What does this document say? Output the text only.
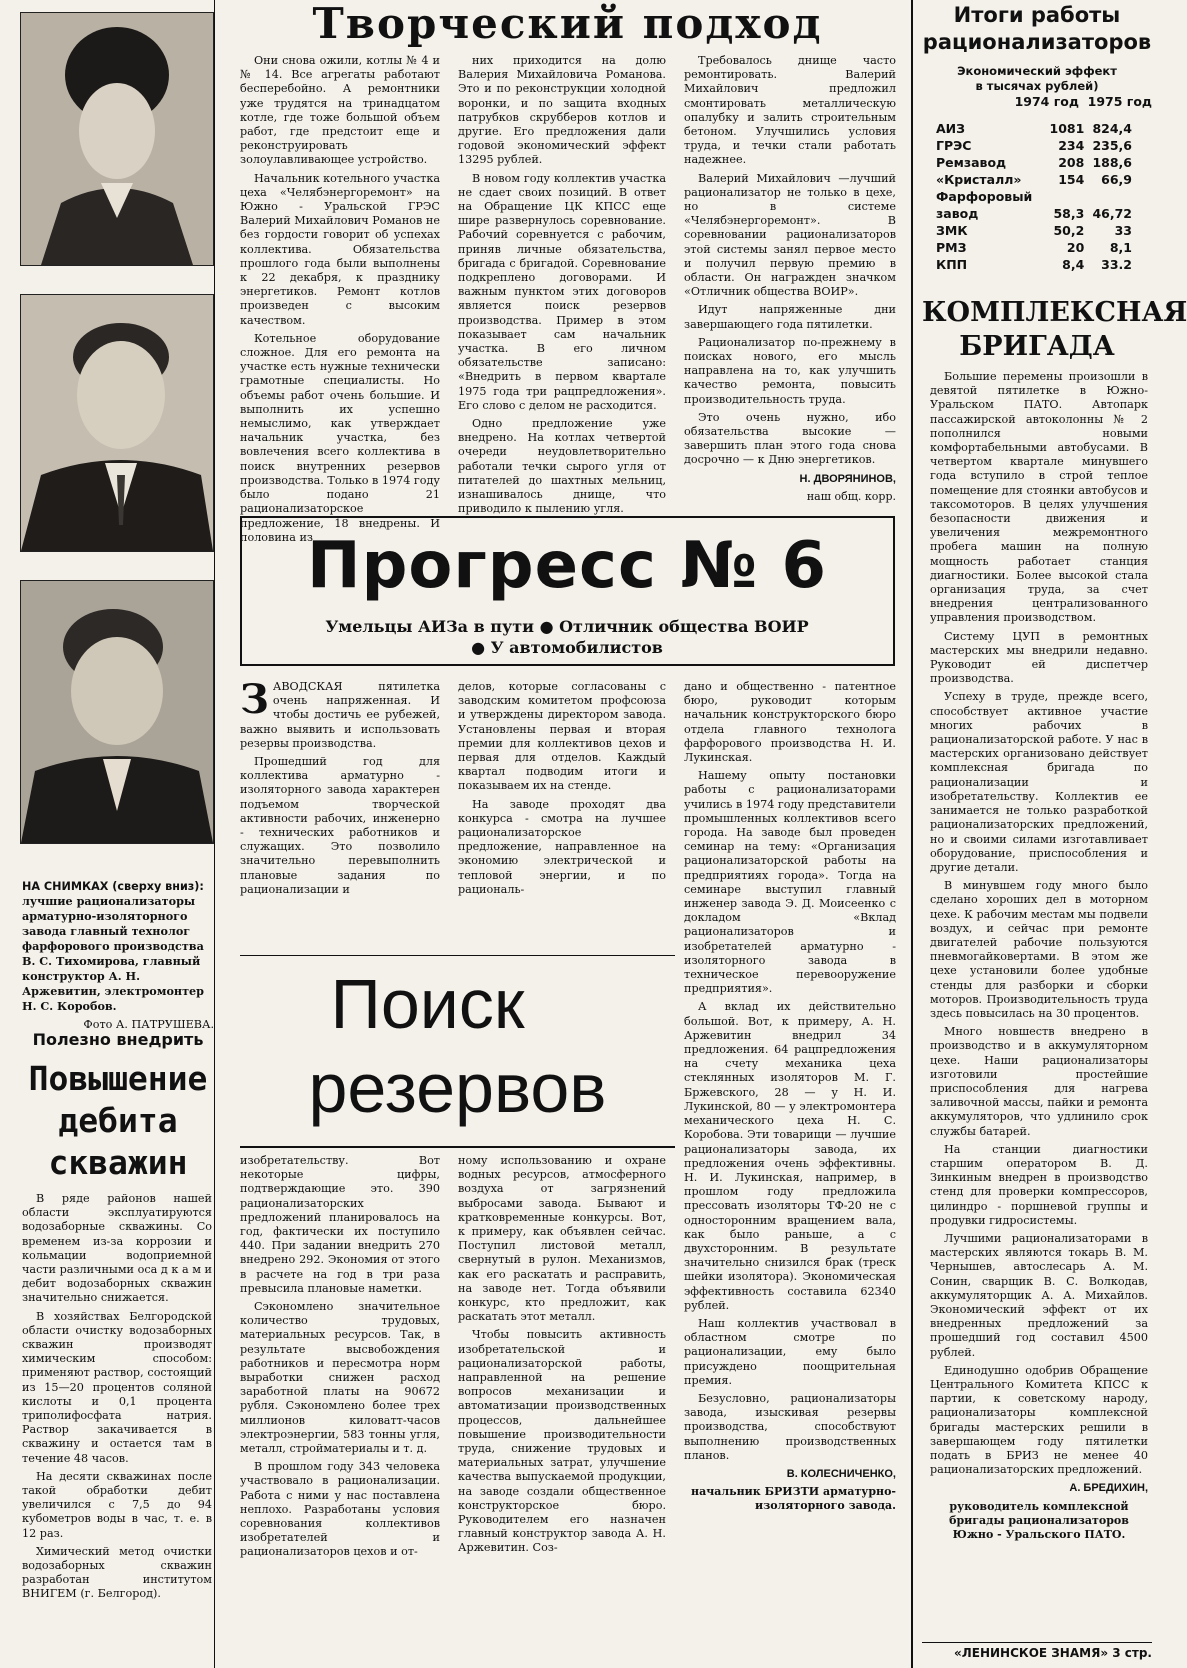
НА СНИМКАХ (сверху вниз): лучшие рационализаторы арматурно-изоляторного завода главный технолог фарфорового производства В. С. Тихомирова, главный конструктор А. Н. Аржевитин, электромонтер Н. С. Коробов.
Фото А. ПАТРУШЕВА.
Полезно внедрить
Повышение
дебита
скважин

В ряде районов нашей области эксплуатируются водозаборные скважины. Со временем из-за коррозии и кольмации водоприемной части различными оса д к а м и дебит водозаборных скважин значительно снижается.

В хозяйствах Белгородской области очистку водозаборных скважин производят химическим способом: применяют раствор, состоящий из 15—20 процентов соляной кислоты и 0,1 процента триполифосфата натрия. Раствор закачивается в скважину и остается там в течение 48 часов.

На десяти скважинах после такой обработки дебит увеличился с 7,5 до 94 кубометров воды в час, т. е. в 12 раз.

Химический метод очистки водозаборных скважин разработан институтом ВНИГЕМ (г. Белгород).

Творческий подход

Они снова ожили, котлы № 4 и № 14. Все агрегаты работают бесперебойно. А ремонтники уже трудятся на тринадцатом котле, где тоже большой объем работ, где предстоит еще и реконструировать золоулавливающее устройство.

Начальник котельного участка цеха «Челябэнергоремонт» на Южно - Уральской ГРЭС Валерий Михайлович Романов не без гордости говорит об успехах коллектива. Обязательства прошлого года были выполнены к 22 декабря, к празднику энергетиков. Ремонт котлов произведен с высоким качеством.

Котельное оборудование сложное. Для его ремонта на участке есть нужные технически грамотные специалисты. Но объемы работ очень большие. И выполнить их успешно немыслимо, как утверждает начальник участка, без вовлечения всего коллектива в поиск внутренних резервов производства. Только в 1974 году было подано 21 рационализаторское предложение, 18 внедрены. И половина из

них приходится на долю Валерия Михайловича Романова. Это и по реконструкции холодной воронки, и по защита входных патрубков скрубберов котлов и другие. Его предложения дали годовой экономический эффект 13295 рублей.

В новом году коллектив участка не сдает своих позиций. В ответ на Обращение ЦК КПСС еще шире развернулось соревнование. Рабочий соревнуется с рабочим, приняв личные обязательства, бригада с бригадой. Соревнование подкреплено договорами. И важным пунктом этих договоров является поиск резервов производства. Пример в этом показывает сам начальник участка. В его личном обязательстве записано: «Внедрить в первом квартале 1975 года три рацпредложения». Его слово с делом не расходится.

Одно предложение уже внедрено. На котлах четвертой очереди неудовлетворительно работали течки сырого угля от питателей до шахтных мельниц, изнашивалось днище, что приводило к пылению угля.

Требовалось днище часто ремонтировать. Валерий Михайлович предложил смонтировать металлическую опалубку и залить строительным бетоном. Улучшились условия труда, и течки стали работать надежнее.

Валерий Михайлович —лучший рационализатор не только в цехе, но в системе «Челябэнергоремонт». В соревновании рационализаторов этой системы занял первое место и получил первую премию в области. Он награжден значком «Отличник общества ВОИР».

Идут напряженные дни завершающего года пятилетки.

Рационализатор по-прежнему в поисках нового, его мысль направлена на то, как улучшить качество ремонта, повысить производительность труда.

Это очень нужно, ибо обязательства высокие — завершить план этого года снова досрочно — к Дню энергетиков.

Н. ДВОРЯНИНОВ,

наш общ. корр.

Прогресс № 6
Умельцы АИЗа в пути ● Отличник общества ВОИР
● У автомобилистов

ЗАВОДСКАЯ пятилетка очень напряженная. И чтобы достичь ее рубежей, важно выявить и использовать резервы производства.

Прошедший год для коллектива арматурно - изоляторного завода характерен подъемом творческой активности рабочих, инженерно - технических работников и служащих. Это позволило значительно перевыполнить плановые задания по рационализации и

делов, которые согласованы с заводским комитетом профсоюза и утверждены директором завода. Установлены первая и вторая премии для коллективов цехов и первая для отделов. Каждый квартал подводим итоги и показываем их на стенде.

На заводе проходят два конкурса - смотра на лучшее рационализаторское предложение, направленное на экономию электрической и тепловой энергии, и по рациональ-

дано и общественно - патентное бюро, руководит которым начальник конструкторского бюро отдела главного технолога фарфорового производства Н. И. Лукинская.

Нашему опыту постановки работы с рационализаторами учились в 1974 году представители промышленных коллективов всего города. На заводе был проведен семинар на тему: «Организация рационализаторской работы на предприятиях города». Тогда на семинаре выступил главный инженер завода Э. Д. Моисеенко с докладом «Вклад рационализаторов и изобретателей арматурно - изоляторного завода в техническое перевооружение предприятия».

А вклад их действительно большой. Вот, к примеру, А. Н. Аржевитин внедрил 34 предложения. 64 рацпредложения на счету механика цеха стеклянных изоляторов М. Г. Бржевского, 28 — у Н. И. Лукинской, 80 — у электромонтера механического цеха Н. С. Коробова. Эти товарищи — лучшие рационализаторы завода, их предложения очень эффективны. Н. И. Лукинская, например, в прошлом году предложила прессовать изоляторы ТФ-20 не с односторонним вращением вала, как было раньше, а с двухсторонним. В результате значительно снизился брак (треск шейки изолятора). Экономическая эффективность составила 62340 рублей.

Наш коллектив участвовал в областном смотре по рационализации, ему было присуждено поощрительная премия.

Безусловно, рационализаторы завода, изыскивая резервы производства, способствуют выполнению производственных планов.

В. КОЛЕСНИЧЕНКО,

начальник БРИЗТИ арматурно-изоляторного завода.

Поиск
резервов

изобретательству. Вот некоторые цифры, подтверждающие это. 390 рационализаторских предложений планировалось на год, фактически их поступило 440. При задании внедрить 270 внедрено 292. Экономия от этого в расчете на год в три раза превысила плановые наметки.

Сэкономлено значительное количество трудовых, материальных ресурсов. Так, в результате высвобождения работников и пересмотра норм выработки снижен расход заработной платы на 90672 рубля. Сэкономлено более трех миллионов киловатт-часов электроэнергии, 583 тонны угля, металл, стройматериалы и т. д.

В прошлом году 343 человека участвовало в рационализации. Работа с ними у нас поставлена неплохо. Разработаны условия соревнования коллективов изобретателей и рационализаторов цехов и от-

ному использованию и охране водных ресурсов, атмосферного воздуха от загрязнений выбросами завода. Бывают и кратковременные конкурсы. Вот, к примеру, как объявлен сейчас. Поступил листовой металл, свернутый в рулон. Механизмов, как его раскатать и расправить, на заводе нет. Тогда объявили конкурс, кто предложит, как раскатать этот металл.

Чтобы повысить активность изобретательской и рационализаторской работы, направленной на решение вопросов механизации и автоматизации производственных процессов, дальнейшее повышение производительности труда, снижение трудовых и материальных затрат, улучшение качества выпускаемой продукции, на заводе создали общественное конструкторское бюро. Руководителем его назначен главный конструктор завода А. Н. Аржевитин. Соз-

Итоги работы
рационализаторов
Экономический эффект
в тысячах рублей)
1974 год 1975 год
АИЗ	1081	824,4
ГРЭС	234	235,6
Ремзавод	208	188,6
«Кристалл»	154	66,9
Фарфоровый		
завод	58,3	46,72
ЗМК	50,2	33
РМЗ	20	8,1
КПП	8,4	33.2
КОМПЛЕКСНАЯ
БРИГАДА

Большие перемены произошли в девятой пятилетке в Южно-Уральском ПАТО. Автопарк пассажирской автоколонны № 2 пополнился новыми комфортабельными автобусами. В четвертом квартале минувшего года вступило в строй теплое помещение для стоянки автобусов и таксомоторов. В целях улучшения безопасности движения и увеличения межремонтного пробега машин на полную мощность работает станция диагностики. Более высокой стала организация труда, за счет внедрения централизованного управления производством.

Систему ЦУП в ремонтных мастерских мы внедрили недавно. Руководит ей диспетчер производства.

Успеху в труде, прежде всего, способствует активное участие многих рабочих в рационализаторской работе. У нас в мастерских организовано действует комплексная бригада по рационализации и изобретательству. Коллектив ее занимается не только разработкой рационализаторских предложений, но и своими силами изготавливает оборудование, приспособления и другие детали.

В минувшем году много было сделано хороших дел в моторном цехе. К рабочим местам мы подвели воздух, и сейчас при ремонте двигателей рабочие пользуются пневмогайковертами. В этом же цехе установили более удобные стенды для разборки и сборки моторов. Производительность труда здесь повысилась на 30 процентов.

Много новшеств внедрено в производство и в аккумуляторном цехе. Наши рационализаторы изготовили простейшие приспособления для нагрева заливочной массы, пайки и ремонта аккумуляторов, что удлинило срок службы батарей.

На станции диагностики старшим оператором В. Д. Зинкиным внедрен в производство стенд для проверки компрессоров, цилиндро - поршневой группы и продувки гидросистемы.

Лучшими рационализаторами в мастерских являются токарь В. М. Чернышев, автослесарь А. М. Сонин, сварщик В. С. Волкодав, аккумуляторщик А. А. Михайлов. Экономический эффект от их внедренных предложений за прошедший год составил 4500 рублей.

Единодушно одобрив Обращение Центрального Комитета КПСС к партии, к советскому народу, рационализаторы комплексной бригады мастерских решили в завершающем году пятилетки подать в БРИЗ не менее 40 рационализаторских предложений.

А. БРЕДИХИН,

руководитель комплексной бригады рационализаторов Южно - Уральского ПАТО.

«ЛЕНИНСКОЕ ЗНАМЯ» 3 стр.
